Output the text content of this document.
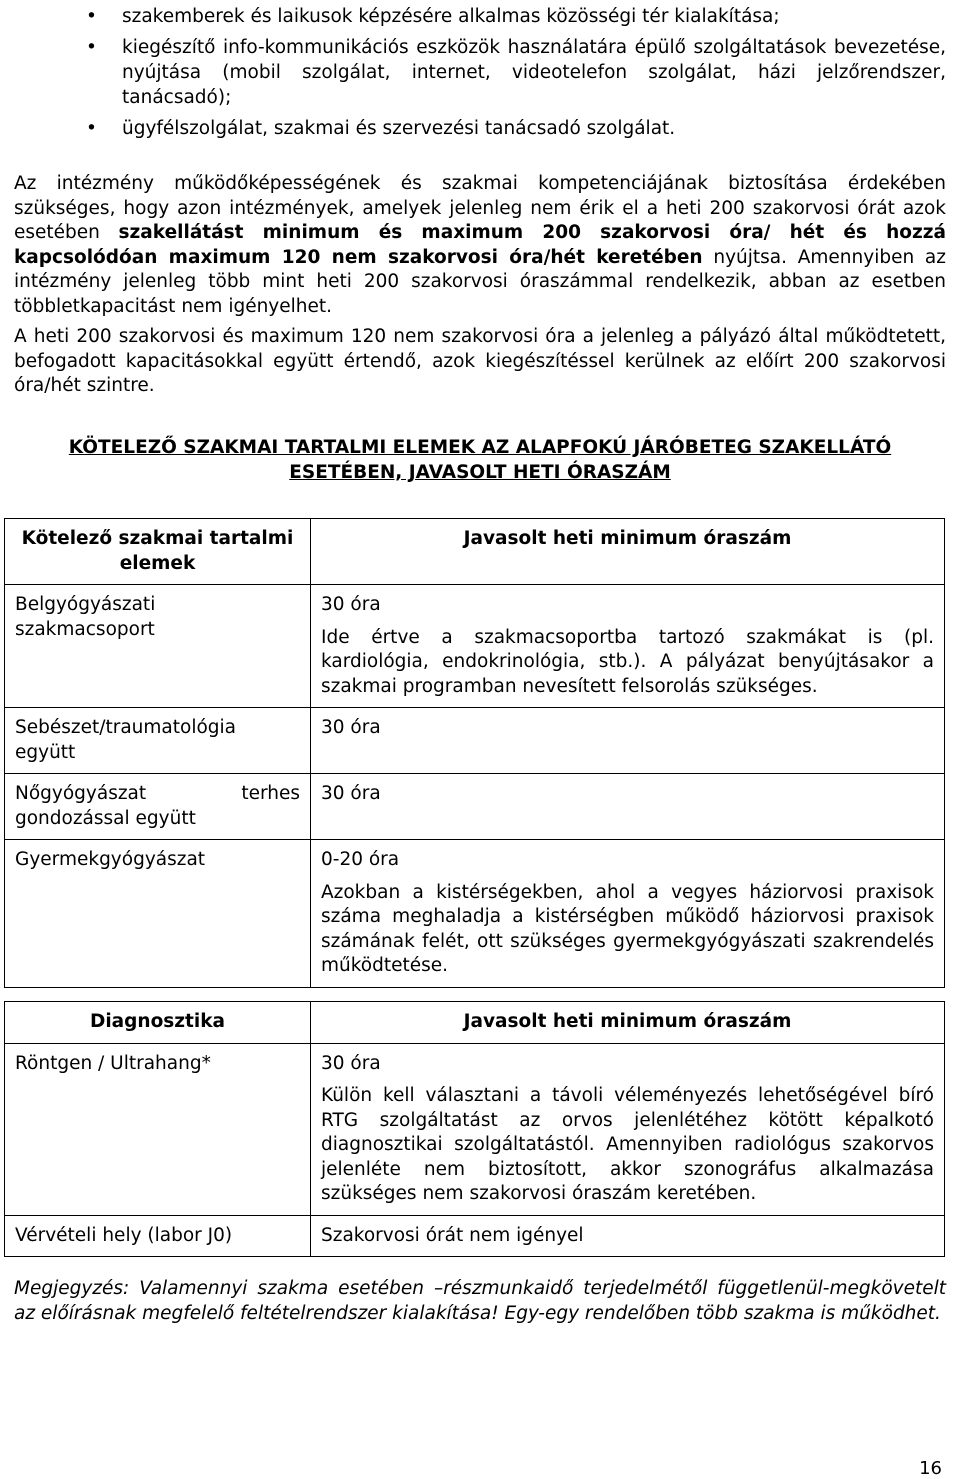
• szakemberek és laikusok képzésére alkalmas közösségi tér kialakítása;
• kiegészítő info-kommunikációs eszközök használatára épülő szolgáltatások bevezetése, nyújtása (mobil szolgálat, internet, videotelefon szolgálat, házi jelzőrendszer, tanácsadó);
• ügyfélszolgálat, szakmai és szervezési tanácsadó szolgálat.
Az intézmény működőképességének és szakmai kompetenciájának biztosítása érdekében szükséges, hogy azon intézmények, amelyek jelenleg nem érik el a heti 200 szakorvosi órát azok esetében szakellátást minimum és maximum 200 szakorvosi óra/ hét és hozzá kapcsolódóan maximum 120 nem szakorvosi óra/hét keretében nyújtsa. Amennyiben az intézmény jelenleg több mint heti 200 szakorvosi óraszámmal rendelkezik, abban az esetben többletkapacitást nem igényelhet.
A heti 200 szakorvosi és maximum 120 nem szakorvosi óra a jelenleg a pályázó által működtetett, befogadott kapacitásokkal együtt értendő, azok kiegészítéssel kerülnek az előírt 200 szakorvosi óra/hét szintre.
KÖTELEZŐ SZAKMAI TARTALMI ELEMEK AZ ALAPFOKÚ JÁRÓBETEG SZAKELLÁTÓ
ESETÉBEN, JAVASOLT HETI ÓRASZÁM
Kötelező szakmai tartalmi elemek	Javasolt heti minimum óraszám
Belgyógyászati szakmacsoport	30 óra
Ide értve a szakmacsoportba tartozó szakmákat is (pl. kardiológia, endokrinológia, stb.). A pályázat benyújtásakor a szakmai programban nevesített felsorolás szükséges.

Sebészet/traumatológia együtt	30 óra

Nőgyógyászat terhes gondozással együtt	30 óra

Gyermekgyógyászat	0-20 óra
Azokban a kistérségekben, ahol a vegyes háziorvosi praxisok száma meghaladja a kistérségben működő háziorvosi praxisok számának felét, ott szükséges gyermekgyógyászati szakrendelés működtetése.
Diagnosztika	Javasolt heti minimum óraszám
Röntgen / Ultrahang*	30 óra
Külön kell választani a távoli véleményezés lehetőségével bíró RTG szolgáltatást az orvos jelenlétéhez kötött képalkotó diagnosztikai szolgáltatástól. Amennyiben radiológus szakorvos jelenléte nem biztosított, akkor szonográfus alkalmazása szükséges nem szakorvosi óraszám keretében.

Vérvételi hely (labor J0)	Szakorvosi órát nem igényel
Megjegyzés: Valamennyi szakma esetében –részmunkaidő terjedelmétől függetlenül-megkövetelt az előírásnak megfelelő feltételrendszer kialakítása! Egy-egy rendelőben több szakma is működhet.
16
